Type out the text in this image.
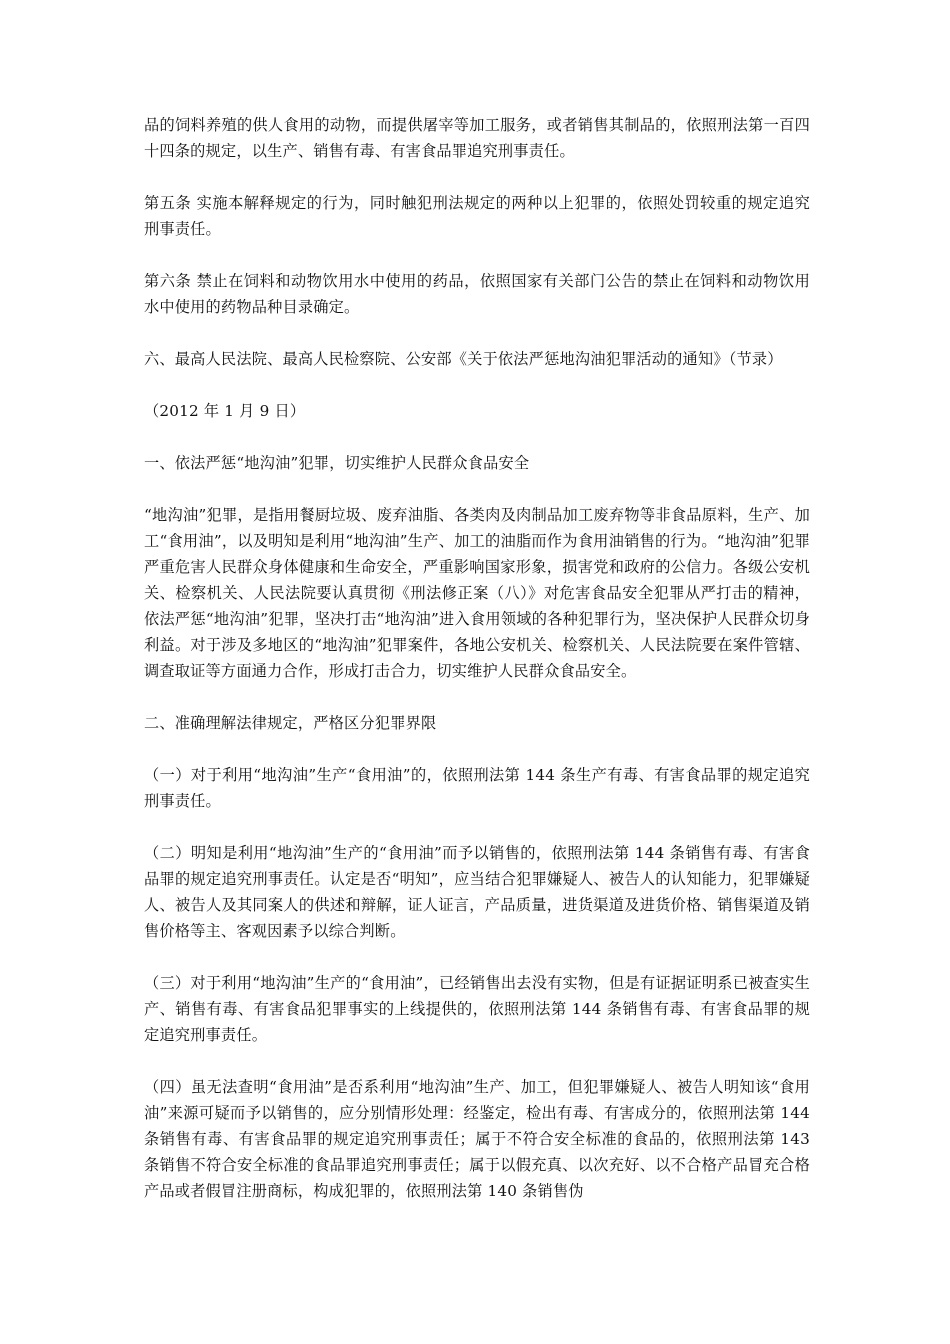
品的饲料养殖的供人食用的动物，而提供屠宰等加工服务，或者销售其制品的，依照刑法第一百四十四条的规定，以生产、销售有毒、有害食品罪追究刑事责任。

第五条 实施本解释规定的行为，同时触犯刑法规定的两种以上犯罪的，依照处罚较重的规定追究刑事责任。

第六条 禁止在饲料和动物饮用水中使用的药品，依照国家有关部门公告的禁止在饲料和动物饮用水中使用的药物品种目录确定。

六、最高人民法院、最高人民检察院、公安部《关于依法严惩地沟油犯罪活动的通知》（节录）

（2012 年 1 月 9 日）

一、依法严惩“地沟油”犯罪，切实维护人民群众食品安全

“地沟油”犯罪，是指用餐厨垃圾、废弃油脂、各类肉及肉制品加工废弃物等非食品原料，生产、加工“食用油”，以及明知是利用“地沟油”生产、加工的油脂而作为食用油销售的行为。“地沟油”犯罪严重危害人民群众身体健康和生命安全，严重影响国家形象，损害党和政府的公信力。各级公安机关、检察机关、人民法院要认真贯彻《刑法修正案（八）》对危害食品安全犯罪从严打击的精神，依法严惩“地沟油”犯罪，坚决打击“地沟油”进入食用领域的各种犯罪行为，坚决保护人民群众切身利益。对于涉及多地区的“地沟油”犯罪案件，各地公安机关、检察机关、人民法院要在案件管辖、调查取证等方面通力合作，形成打击合力，切实维护人民群众食品安全。

二、准确理解法律规定，严格区分犯罪界限

（一）对于利用“地沟油”生产“食用油”的，依照刑法第 144 条生产有毒、有害食品罪的规定追究刑事责任。

（二）明知是利用“地沟油”生产的“食用油”而予以销售的，依照刑法第 144 条销售有毒、有害食品罪的规定追究刑事责任。认定是否“明知”，应当结合犯罪嫌疑人、被告人的认知能力，犯罪嫌疑人、被告人及其同案人的供述和辩解，证人证言，产品质量，进货渠道及进货价格、销售渠道及销售价格等主、客观因素予以综合判断。

（三）对于利用“地沟油”生产的“食用油”，已经销售出去没有实物，但是有证据证明系已被查实生产、销售有毒、有害食品犯罪事实的上线提供的，依照刑法第 144 条销售有毒、有害食品罪的规定追究刑事责任。

（四）虽无法查明“食用油”是否系利用“地沟油”生产、加工，但犯罪嫌疑人、被告人明知该“食用油”来源可疑而予以销售的，应分别情形处理：经鉴定，检出有毒、有害成分的，依照刑法第 144 条销售有毒、有害食品罪的规定追究刑事责任；属于不符合安全标准的食品的，依照刑法第 143 条销售不符合安全标准的食品罪追究刑事责任；属于以假充真、以次充好、以不合格产品冒充合格产品或者假冒注册商标，构成犯罪的，依照刑法第 140 条销售伪
